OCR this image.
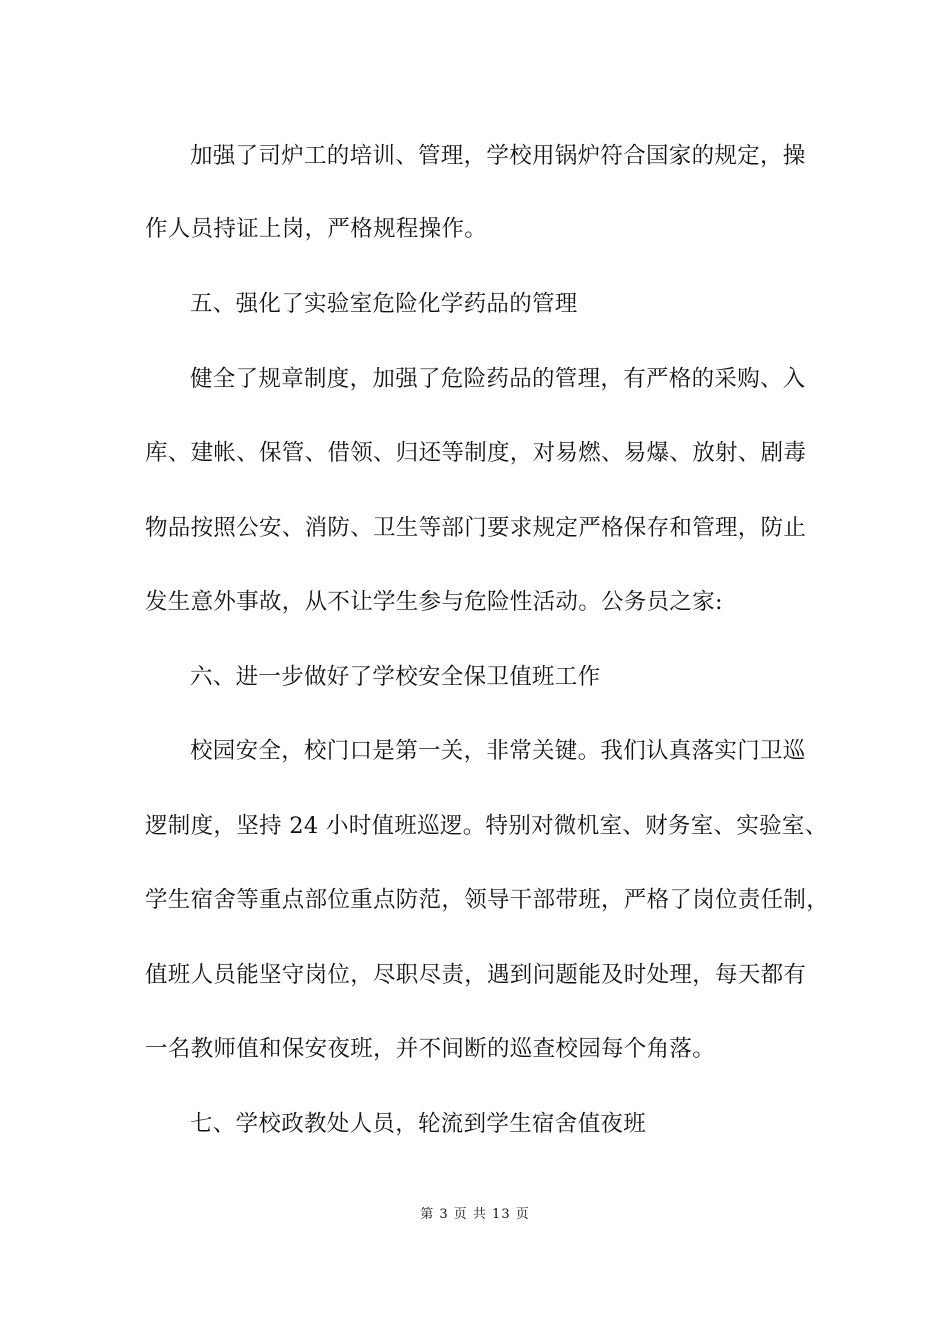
加强了司炉工的培训、管理，学校用锅炉符合国家的规定，操
作人员持证上岗，严格规程操作。
五、强化了实验室危险化学药品的管理
健全了规章制度，加强了危险药品的管理，有严格的采购、入
库、建帐、保管、借领、归还等制度，对易燃、易爆、放射、剧毒
物品按照公安、消防、卫生等部门要求规定严格保存和管理，防止
发生意外事故，从不让学生参与危险性活动。公务员之家:
六、进一步做好了学校安全保卫值班工作
校园安全，校门口是第一关，非常关键。我们认真落实门卫巡
逻制度，坚持 24 小时值班巡逻。特别对微机室、财务室、实验室、
学生宿舍等重点部位重点防范，领导干部带班，严格了岗位责任制，
值班人员能坚守岗位，尽职尽责，遇到问题能及时处理，每天都有
一名教师值和保安夜班，并不间断的巡查校园每个角落。
七、学校政教处人员，轮流到学生宿舍值夜班
第 3 页 共 13 页
